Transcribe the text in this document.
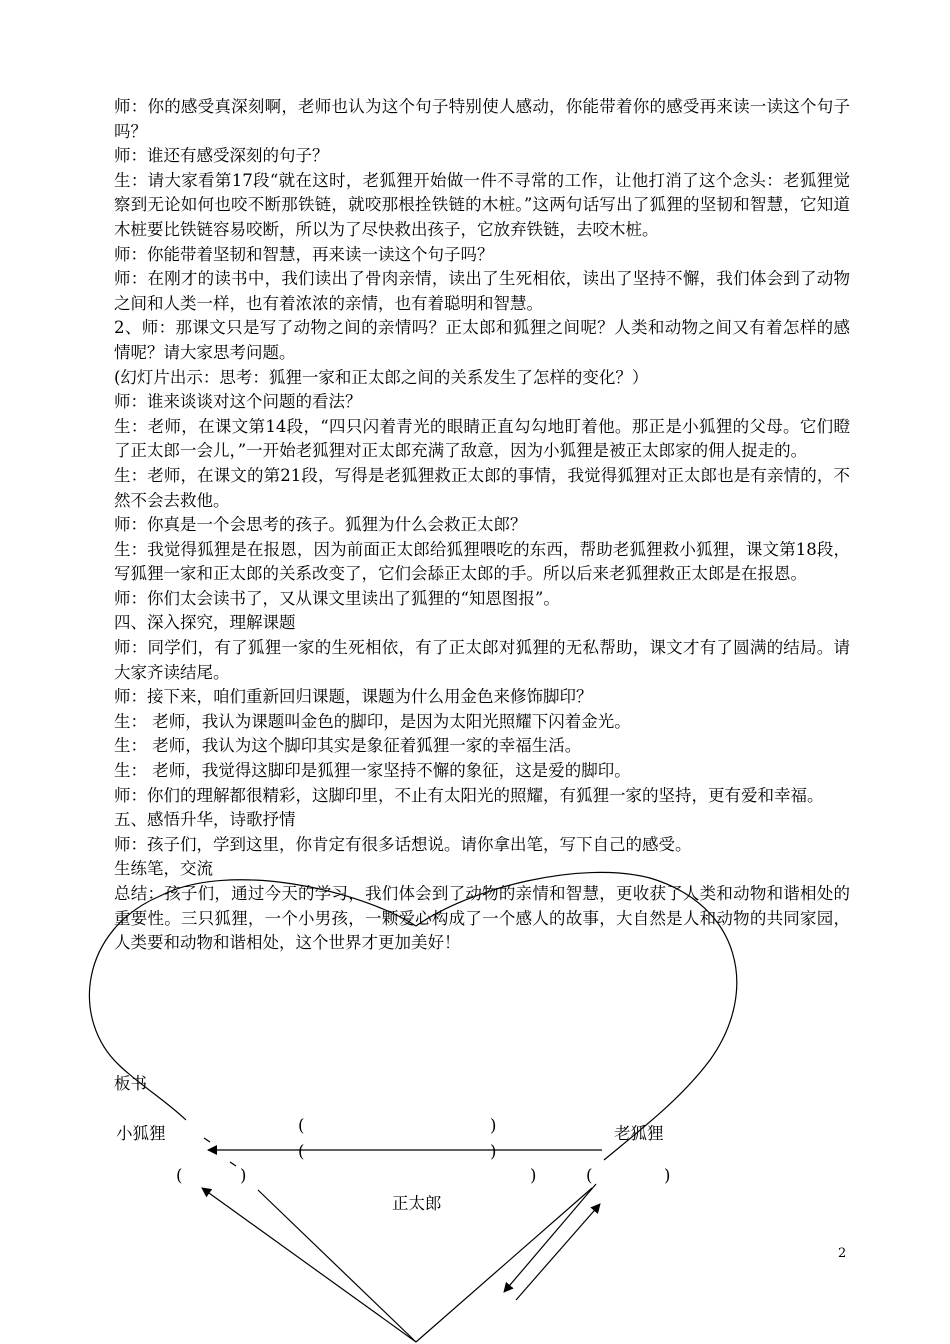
师：你的感受真深刻啊，老师也认为这个句子特别使人感动，你能带着你的感受再来读一读这个句子吗？

师：谁还有感受深刻的句子？

生：请大家看第17段“就在这时，老狐狸开始做一件不寻常的工作，让他打消了这个念头：老狐狸觉察到无论如何也咬不断那铁链，就咬那根拴铁链的木桩。”这两句话写出了狐狸的坚韧和智慧，它知道木桩要比铁链容易咬断，所以为了尽快救出孩子，它放弃铁链，去咬木桩。

师：你能带着坚韧和智慧，再来读一读这个句子吗？

师：在刚才的读书中，我们读出了骨肉亲情，读出了生死相依，读出了坚持不懈，我们体会到了动物之间和人类一样，也有着浓浓的亲情，也有着聪明和智慧。

2、师：那课文只是写了动物之间的亲情吗？正太郎和狐狸之间呢？人类和动物之间又有着怎样的感情呢？请大家思考问题。

(幻灯片出示：思考：狐狸一家和正太郎之间的关系发生了怎样的变化？）

师：谁来谈谈对这个问题的看法？

生：老师，在课文第14段，“四只闪着青光的眼睛正直勾勾地盯着他。那正是小狐狸的父母。它们瞪了正太郎一会儿，”一开始老狐狸对正太郎充满了敌意，因为小狐狸是被正太郎家的佣人捉走的。

生：老师，在课文的第21段，写得是老狐狸救正太郎的事情，我觉得狐狸对正太郎也是有亲情的，不然不会去救他。

师：你真是一个会思考的孩子。狐狸为什么会救正太郎？

生：我觉得狐狸是在报恩，因为前面正太郎给狐狸喂吃的东西，帮助老狐狸救小狐狸，课文第18段，写狐狸一家和正太郎的关系改变了，它们会舔正太郎的手。所以后来老狐狸救正太郎是在报恩。

师：你们太会读书了，又从课文里读出了狐狸的“知恩图报”。

四、深入探究，理解课题

师：同学们，有了狐狸一家的生死相依，有了正太郎对狐狸的无私帮助，课文才有了圆满的结局。请大家齐读结尾。

师：接下来，咱们重新回归课题，课题为什么用金色来修饰脚印？

生： 老师，我认为课题叫金色的脚印，是因为太阳光照耀下闪着金光。

生： 老师，我认为这个脚印其实是象征着狐狸一家的幸福生活。

生： 老师，我觉得这脚印是狐狸一家坚持不懈的象征，这是爱的脚印。

师：你们的理解都很精彩，这脚印里，不止有太阳光的照耀，有狐狸一家的坚持，更有爱和幸福。

五、感悟升华，诗歌抒情

师：孩子们，学到这里，你肯定有很多话想说。请你拿出笔，写下自己的感受。

生练笔，交流

总结：孩子们，通过今天的学习，我们体会到了动物的亲情和智慧，更收获了人类和动物和谐相处的重要性。三只狐狸，一个小男孩，一颗爱心构成了一个感人的故事，大自然是人和动物的共同家园，人类要和动物和谐相处，这个世界才更加美好！

板书
小狐狸	老狐狸
正太郎
(	)
(	)
(	)	)	(	)
2
